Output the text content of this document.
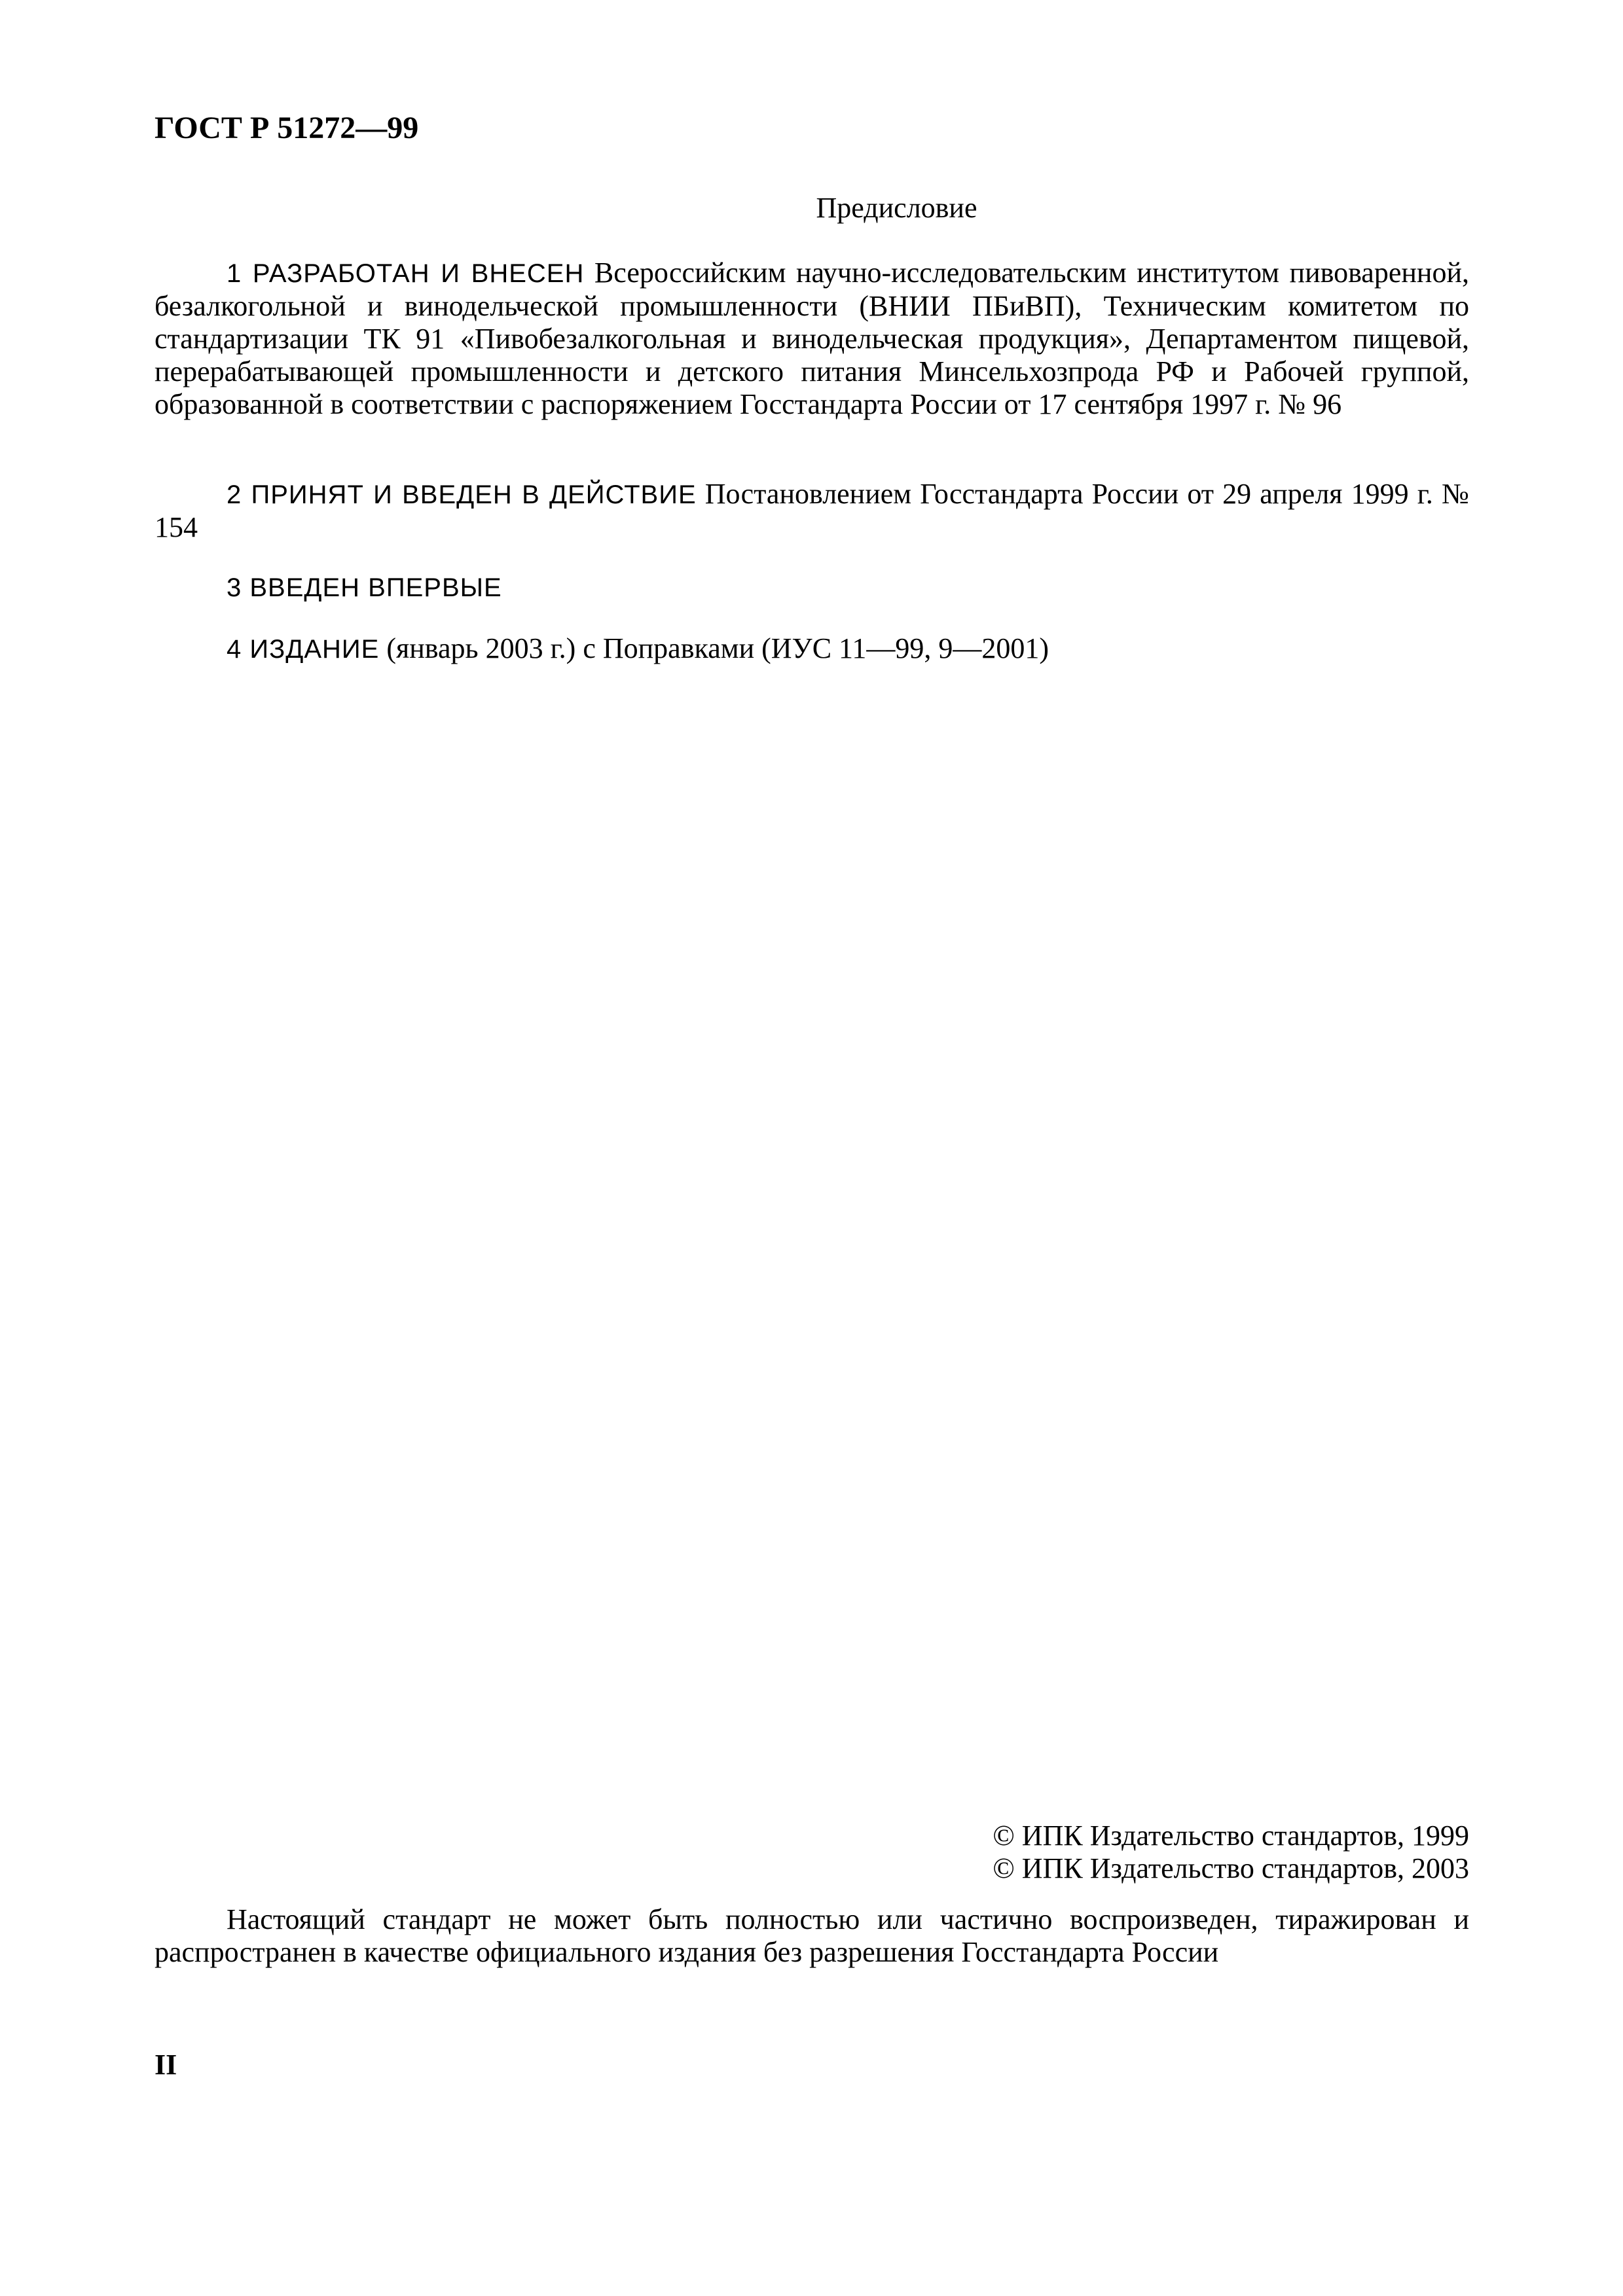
ГОСТ Р 51272—99
Предисловие

1 РАЗРАБОТАН И ВНЕСЕН Всероссийским научно-исследовательским институтом пивоваренной, безалкогольной и винодельческой промышленности (ВНИИ ПБиВП), Техническим комитетом по стандартизации ТК 91 «Пивобезалкогольная и винодельческая продукция», Департаментом пищевой, перерабатывающей промышленности и детского питания Минсельхозпрода РФ и Рабочей группой, образованной в соответствии с распоряжением Госстандарта России от 17 сентября 1997 г. № 96

2 ПРИНЯТ И ВВЕДЕН В ДЕЙСТВИЕ Постановлением Госстандарта России от 29 апреля 1999 г. № 154

3 ВВЕДЕН ВПЕРВЫЕ

4 ИЗДАНИЕ (январь 2003 г.) с Поправками (ИУС 11—99, 9—2001)

© ИПК Издательство стандартов, 1999
© ИПК Издательство стандартов, 2003

Настоящий стандарт не может быть полностью или частично воспроизведен, тиражирован и распространен в качестве официального издания без разрешения Госстандарта России

II
